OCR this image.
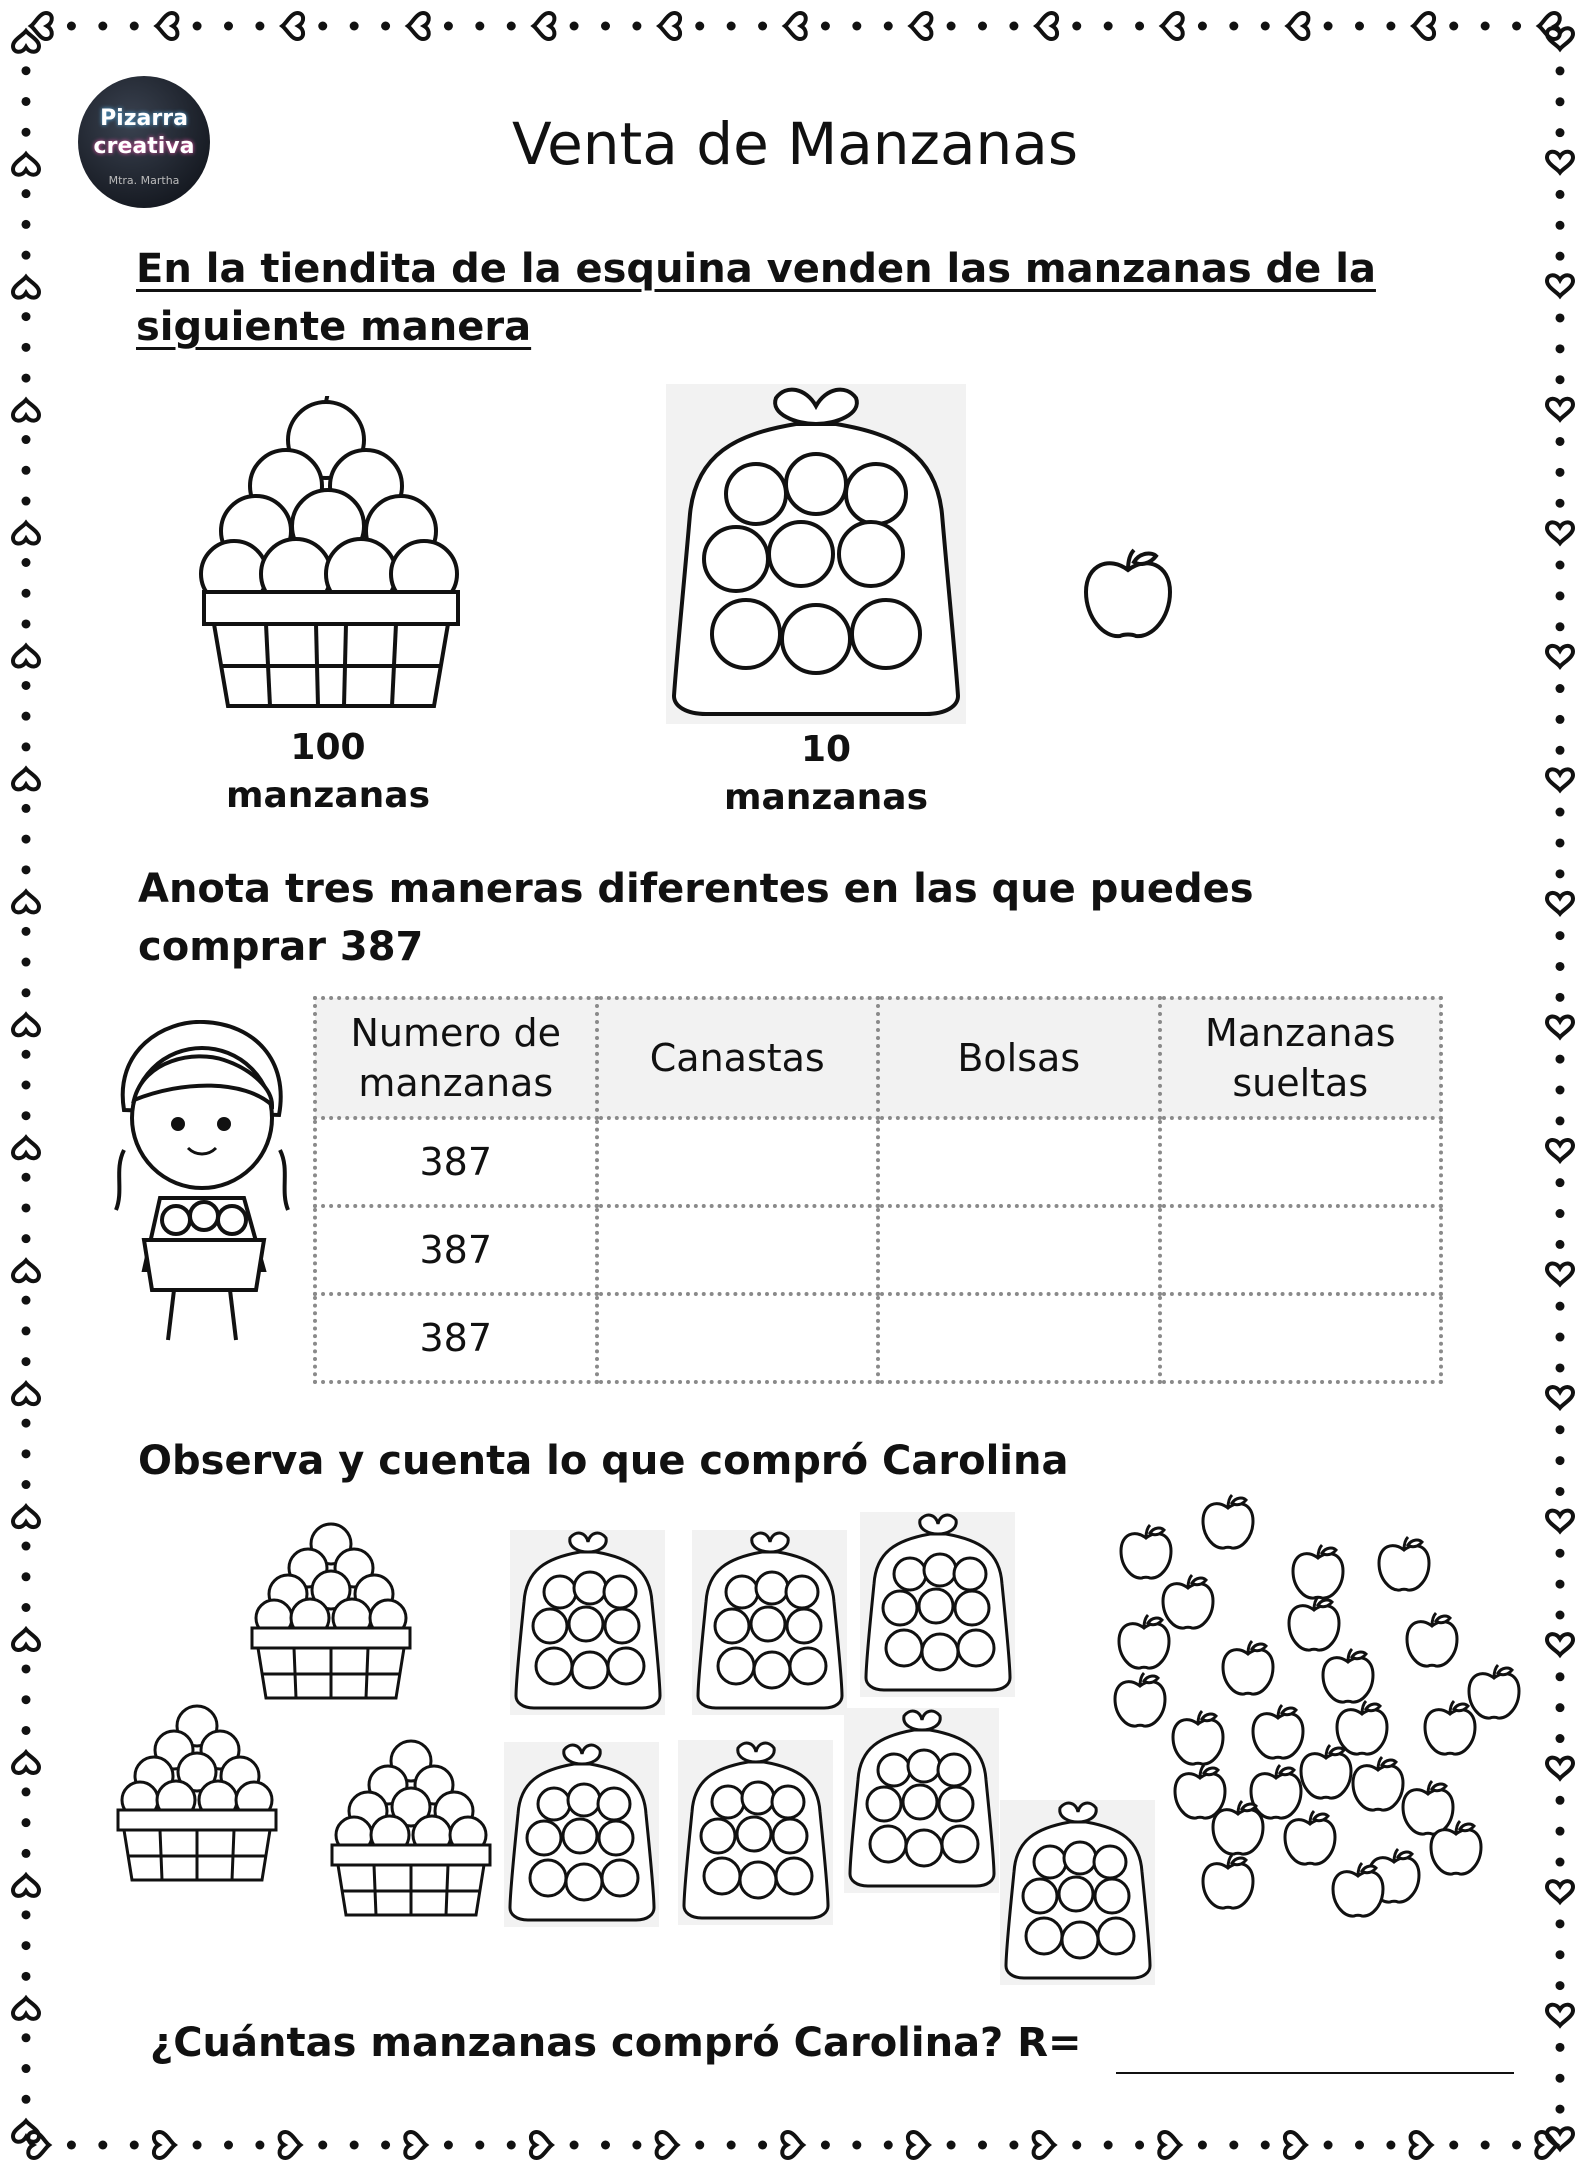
Pizarra
creativa
Mtra. Martha
Venta de Manzanas
En la tiendita de la esquina venden las manzanas de la siguiente manera
100
manzanas
10
manzanas
Anota tres maneras diferentes en las que puedes comprar 387
Numero de manzanas	Canastas	Bolsas	Manzanas sueltas
387			
387			
387			
Observa y cuenta lo que compró Carolina
¿Cuántas manzanas compró Carolina? R=
